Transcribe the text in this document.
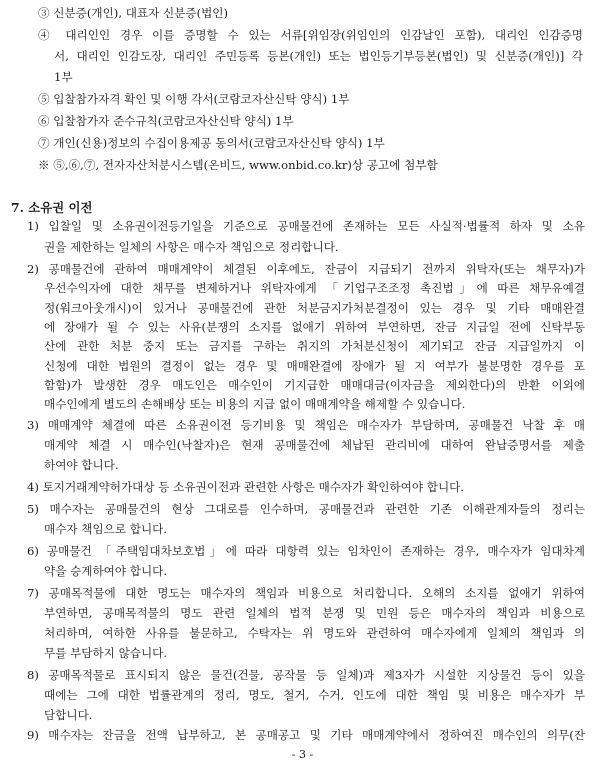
③ 신분증(개인), 대표자 신분증(법인)
④ 대리인인 경우 이를 증명할 수 있는 서류[위임장(위임인의 인감날인 포함), 대리인 인감증명
서, 대리인 인감도장, 대리인 주민등록 등본(개인) 또는 법인등기부등본(법인) 및 신분증(개인)] 각
1부
⑤ 입찰참가자격 확인 및 이행 각서(코람코자산신탁 양식) 1부
⑥ 입찰참가자 준수규칙(코람코자산신탁 양식) 1부
⑦ 개인(신용)정보의 수집이용제공 동의서(코람코자산신탁 양식) 1부
※ ⑤,⑥,⑦, 전자자산처분시스템(온비드, www.onbid.co.kr)상 공고에 첨부함
7. 소유권 이전
1) 입찰일 및 소유권이전등기일을 기준으로 공매물건에 존재하는 모든 사실적·법률적 하자 및 소유
권을 제한하는 일체의 사항은 매수자 책임으로 정리합니다.
2) 공매물건에 관하여 매매계약이 체결된 이후에도, 잔금이 지급되기 전까지 위탁자(또는 채무자)가
우선수익자에 대한 채무를 변제하거나 위탁자에게 「기업구조조정 촉진법」에 따른 채무유예결
정(워크아웃개시)이 있거나 공매물건에 관한 처분금지가처분결정이 있는 경우 및 기타 매매완결
에 장애가 될 수 있는 사유(분쟁의 소지를 없애기 위하여 부연하면, 잔금 지급일 전에 신탁부동
산에 관한 처분 중지 또는 금지를 구하는 취지의 가처분신청이 제기되고 잔금 지급일까지 이
신청에 대한 법원의 결정이 없는 경우 및 매매완결에 장애가 될 지 여부가 불분명한 경우를 포
함함)가 발생한 경우 매도인은 매수인이 기지급한 매매대금(이자금을 제외한다)의 반환 이외에
매수인에게 별도의 손해배상 또는 비용의 지급 없이 매매계약을 해제할 수 있습니다.
3) 매매계약 체결에 따른 소유권이전 등기비용 및 책임은 매수자가 부담하며, 공매물건 낙찰 후 매
매계약 체결 시 매수인(낙찰자)은 현재 공매물건에 체납된 관리비에 대하여 완납증명서를 제출
하여야 합니다.
4) 토지거래계약허가대상 등 소유권이전과 관련한 사항은 매수자가 확인하여야 합니다.
5) 매수자는 공매물건의 현상 그대로를 인수하며, 공매물건과 관련한 기존 이해관계자들의 정리는
매수자 책임으로 합니다.
6) 공매물건 「주택임대차보호법」에 따라 대항력 있는 임차인이 존재하는 경우, 매수자가 임대차계
약을 승계하여야 합니다.
7) 공매목적물에 대한 명도는 매수자의 책임과 비용으로 처리합니다. 오해의 소지를 없애기 위하여
부연하면, 공매목적물의 명도 관련 일체의 법적 분쟁 및 민원 등은 매수자의 책임과 비용으로
처리하며, 여하한 사유를 불문하고, 수탁자는 위 명도와 관련하여 매수자에게 일체의 책임과 의
무를 부담하지 않습니다.
8) 공매목적물로 표시되지 않은 물건(건물, 공작물 등 일체)과 제3자가 시설한 지상물건 등이 있을
때에는 그에 대한 법률관계의 정리, 명도, 철거, 수거, 인도에 대한 책임 및 비용은 매수자가 부
담합니다.
9) 매수자는 잔금을 전액 납부하고, 본 공매공고 및 기타 매매계약에서 정하여진 매수인의 의무(잔
- 3 -
